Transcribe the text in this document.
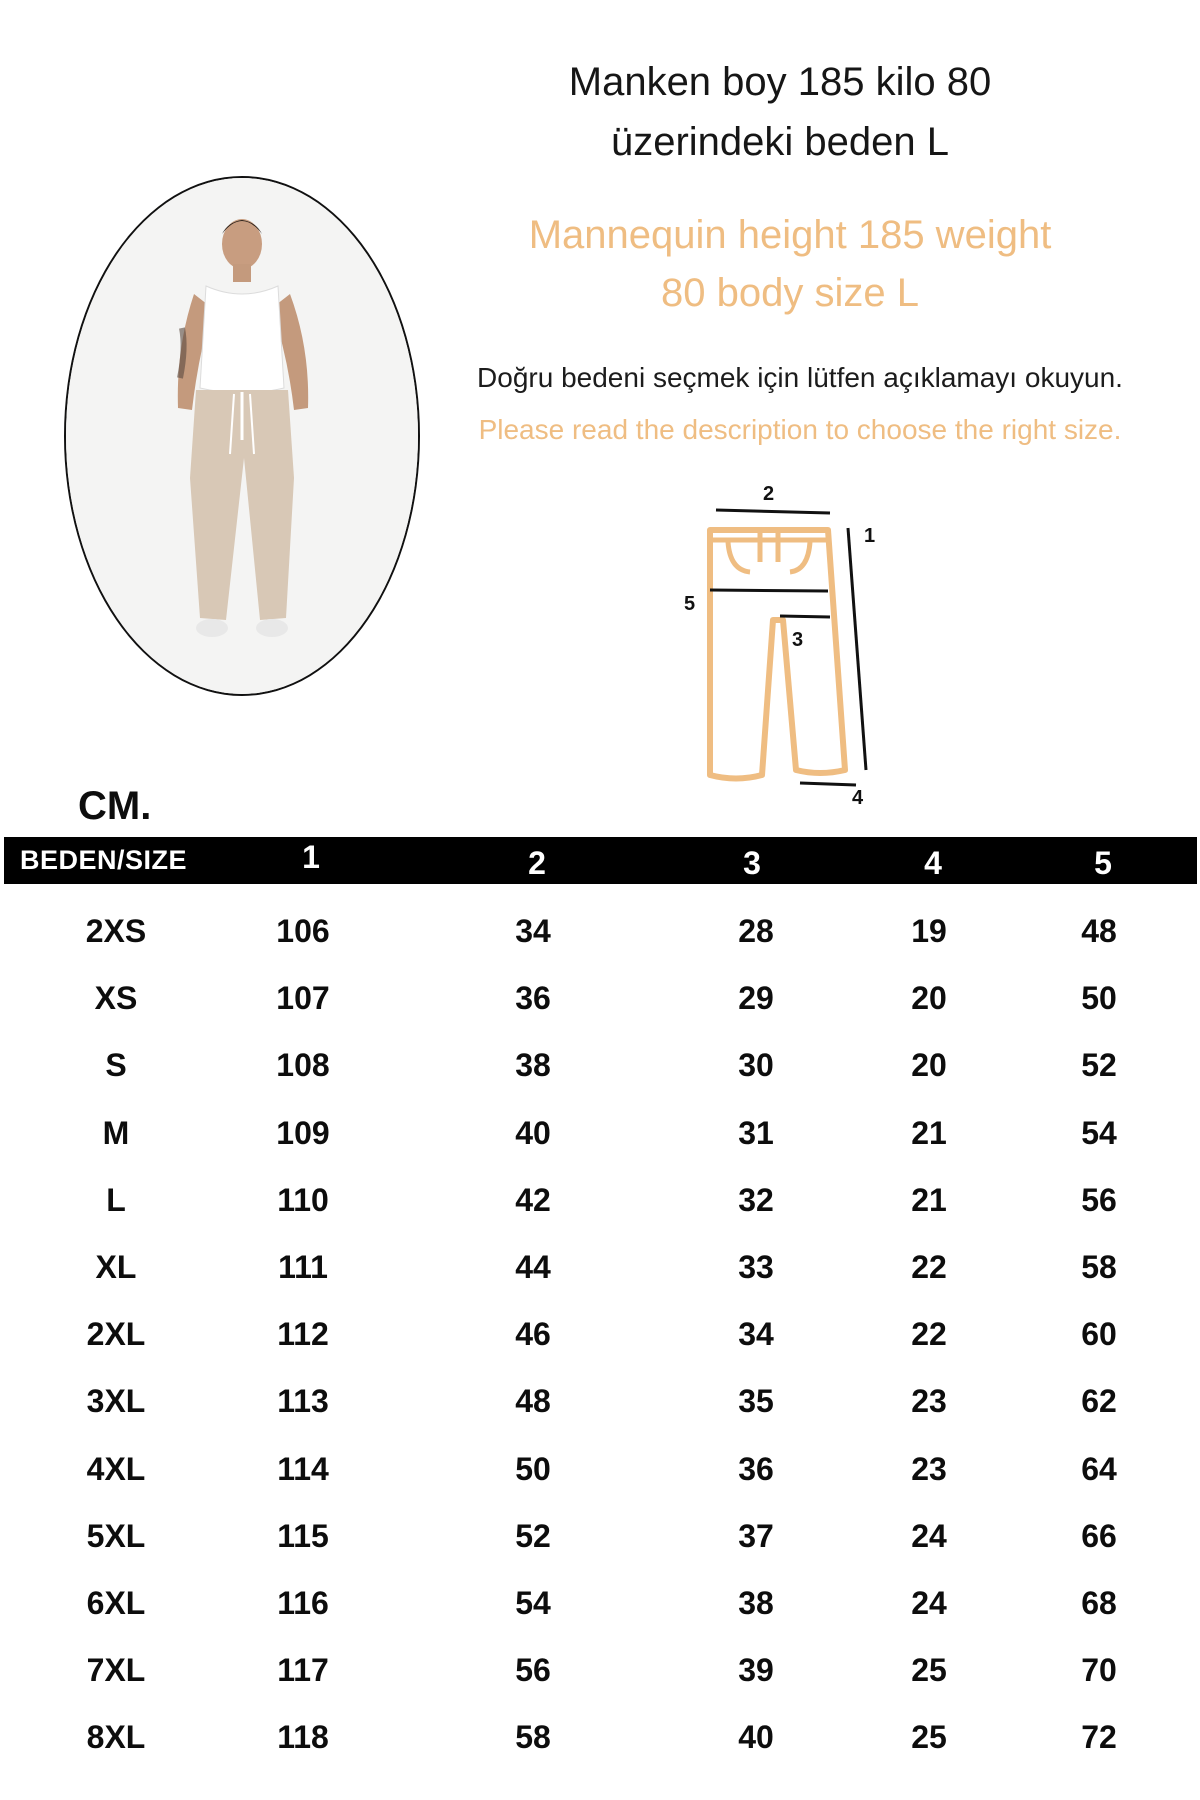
Manken boy 185 kilo 80
üzerindeki beden L
Mannequin height 185 weight
80 body size L
Doğru bedeni seçmek için lütfen açıklamayı okuyun.
Please read the description to choose the right size.
2
1
5
3
4
CM.
BEDEN/SIZE	1	2	3	4	5
2XS	106	34	28	19	48
XS	107	36	29	20	50
S	108	38	30	20	52
M	109	40	31	21	54
L	110	42	32	21	56
XL	111	44	33	22	58
2XL	112	46	34	22	60
3XL	113	48	35	23	62
4XL	114	50	36	23	64
5XL	115	52	37	24	66
6XL	116	54	38	24	68
7XL	117	56	39	25	70
8XL	118	58	40	25	72
